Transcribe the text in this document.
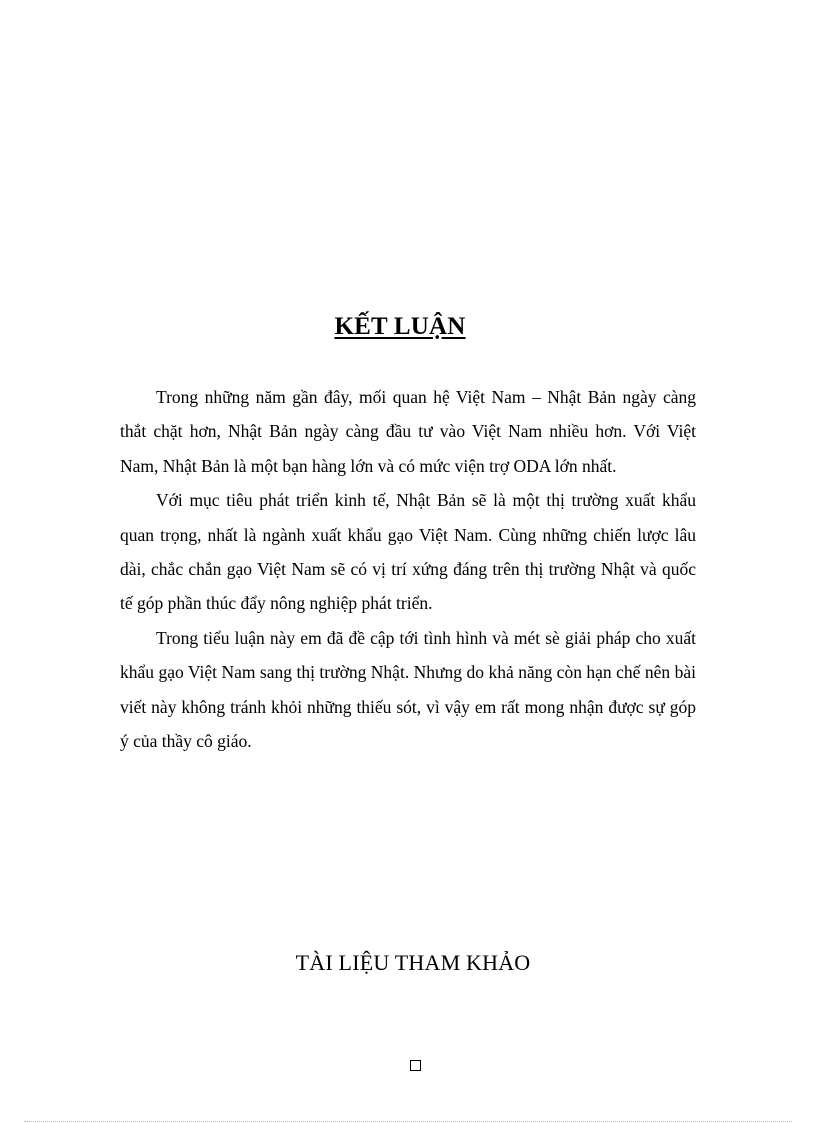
KẾT LUẬN

Trong những năm gần đây, mối quan hệ Việt Nam – Nhật Bản ngày càng thắt chặt hơn, Nhật Bản ngày càng đầu tư vào Việt Nam nhiều hơn. Với Việt Nam, Nhật Bản là một bạn hàng lớn và có mức viện trợ ODA lớn nhất.

Với mục tiêu phát triển kinh tế, Nhật Bản sẽ là một thị trường xuất khẩu quan trọng, nhất là ngành xuất khẩu gạo Việt Nam. Cùng những chiến lược lâu dài, chắc chắn gạo Việt Nam sẽ có vị trí xứng đáng trên thị trường Nhật và quốc tế góp phần thúc đẩy nông nghiệp phát triển.

Trong tiểu luận này em đã đề cập tới tình hình và mét sè giải pháp cho xuất khẩu gạo Việt Nam sang thị trường Nhật. Nhưng do khả năng còn hạn chế nên bài viết này không tránh khỏi những thiếu sót, vì vậy em rất mong nhận được sự góp ý của thầy cô giáo.

TÀI LIỆU THAM KHẢO
